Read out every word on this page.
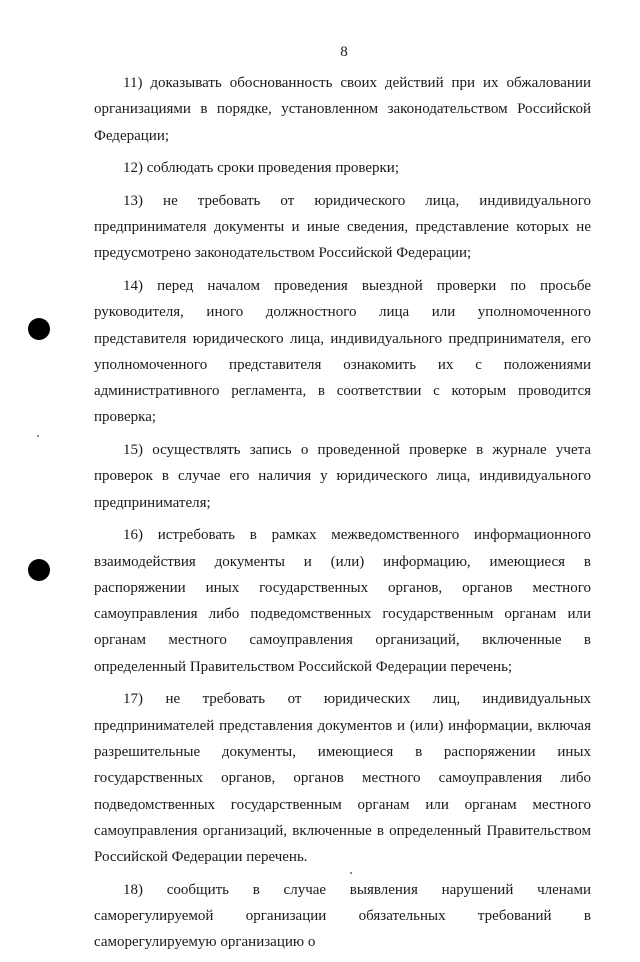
8

11) доказывать обоснованность своих действий при их обжаловании организациями в порядке, установленном законодательством Российской Федерации;

12) соблюдать сроки проведения проверки;

13) не требовать от юридического лица, индивидуального предпринимателя документы и иные сведения, представление которых не предусмотрено законодательством Российской Федерации;

14) перед началом проведения выездной проверки по просьбе руководителя, иного должностного лица или уполномоченного представителя юридического лица, индивидуального предпринимателя, его уполномоченного представителя ознакомить их с положениями административного регламента, в соответствии с которым проводится проверка;

15) осуществлять запись о проведенной проверке в журнале учета проверок в случае его наличия у юридического лица, индивидуального предпринимателя;

16) истребовать в рамках межведомственного информационного взаимодействия документы и (или) информацию, имеющиеся в распоряжении иных государственных органов, органов местного самоуправления либо подведомственных государственным органам или органам местного самоуправления организаций, включенные в определенный Правительством Российской Федерации перечень;

17) не требовать от юридических лиц, индивидуальных предпринимателей представления документов и (или) информации, включая разрешительные документы, имеющиеся в распоряжении иных государственных органов, органов местного самоуправления либо подведомственных государственным органам или органам местного самоуправления организаций, включенные в определенный Правительством Российской Федерации перечень.

18) сообщить в случае выявления нарушений членами саморегулируемой организации обязательных требований в саморегулируемую организацию о
